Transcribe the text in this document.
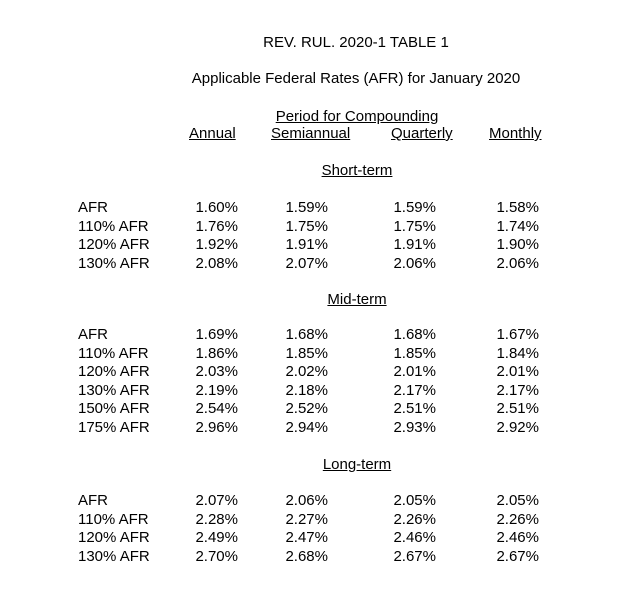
REV. RUL. 2020-1 TABLE 1
Applicable Federal Rates (AFR) for January 2020
Period for Compounding
Annual Semiannual	Quarterly Monthly
Short-term
AFR	1.60%	1.59%	1.59%	1.58%
110% AFR	1.76%	1.75%	1.75%	1.74%
120% AFR	1.92%	1.91%	1.91%	1.90%
130% AFR	2.08%	2.07%	2.06%	2.06%
Mid-term
AFR	1.69%	1.68%	1.68%	1.67%
110% AFR	1.86%	1.85%	1.85%	1.84%
120% AFR	2.03%	2.02%	2.01%	2.01%
130% AFR	2.19%	2.18%	2.17%	2.17%
150% AFR	2.54%	2.52%	2.51%	2.51%
175% AFR	2.96%	2.94%	2.93%	2.92%
Long-term
AFR	2.07%	2.06%	2.05%	2.05%
110% AFR	2.28%	2.27%	2.26%	2.26%
120% AFR	2.49%	2.47%	2.46%	2.46%
130% AFR	2.70%	2.68%	2.67%	2.67%
